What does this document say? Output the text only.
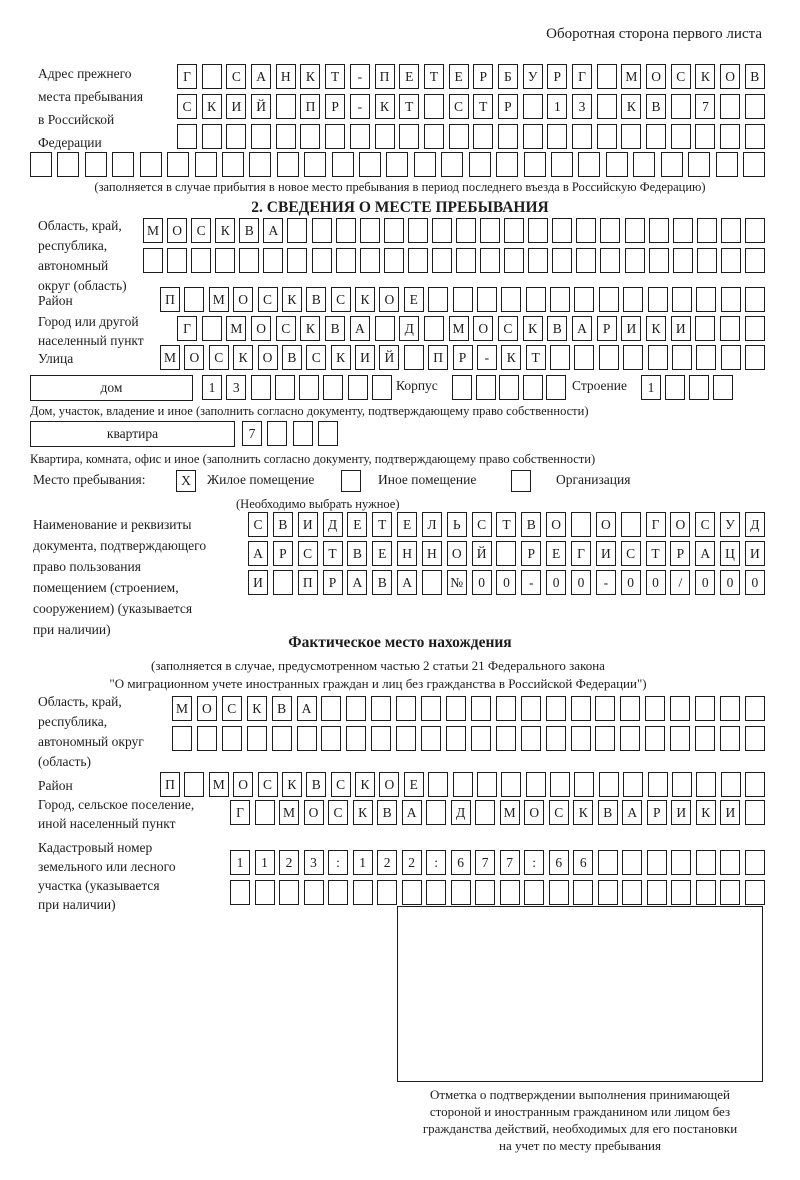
Оборотная сторона первого листа
Адрес прежнего
места пребывания
в Российской
Федерации
Г	С	А	Н	К	Т	-	П	Е	Т	Е	Р	Б	У	Р	Г	М	О	С	К	О	В
С	К	И	Й	П	Р	-	К	Т	С	Т	Р	1	3	К	В	7
(заполняется в случае прибытия в новое место пребывания в период последнего въезда в Российскую Федерацию)
2. СВЕДЕНИЯ О МЕСТЕ ПРЕБЫВАНИЯ
Область, край,
республика,
автономный
округ (область)
М О	С	К	В	А
Район	П	М	О	С	К	В	С	К	О	Е
Город или другой
населенный пункт
Г	М	О	С	К	В	А	Д	М	О	С	К	В	А	Р	И	К	И
Улица	М	О	С	К	О	В	С	К	И	Й	П	Р	-	К	Т
дом	1	3	Корпус	Строение	1
Дом, участок, владение и иное (заполнить согласно документу, подтверждающему право собственности)
квартира	7
Квартира, комната, офис и иное (заполнить согласно документу, подтверждающему право собственности)
Место пребывания:	X	Жилое помещение	Иное помещение	Организация
(Необходимо выбрать нужное)
Наименование и реквизиты
документа, подтверждающего
право пользования
помещением (строением,
сооружением) (указывается
при наличии)
С	В	И	Д	Е	Т	Е	Л	Ь	С	Т	В	О	О	Г	О	С	У	Д
А	Р	С	Т	В	Е	Н	Н	О	Й	Р	Е	Г	И	С	Т	Р	А	Ц	И
И	П	Р	А	В	А	№	0	0	-	0	0	-	0	0	/	0	0	0
Фактическое место нахождения
(заполняется в случае, предусмотренном частью 2 статьи 21 Федерального закона
"О миграционном учете иностранных граждан и лиц без гражданства в Российской Федерации")
Область, край,
республика,
автономный округ
(область)
М	О	С	К	В	А
Район	П	М	О	С	К	В	С	К	О	Е
Город, сельское поселение,
иной населенный пункт
Г	М	О	С	К	В	А	Д	М	О	С	К	В	А	Р	И	К	И
Кадастровый номер
земельного или лесного
участка (указывается
при наличии)
1	1	2	3	:	1	2	2	:	6	7	7	:	6	6
Отметка о подтверждении выполнения принимающей
стороной и иностранным гражданином или лицом без
гражданства действий, необходимых для его постановки
на учет по месту пребывания
